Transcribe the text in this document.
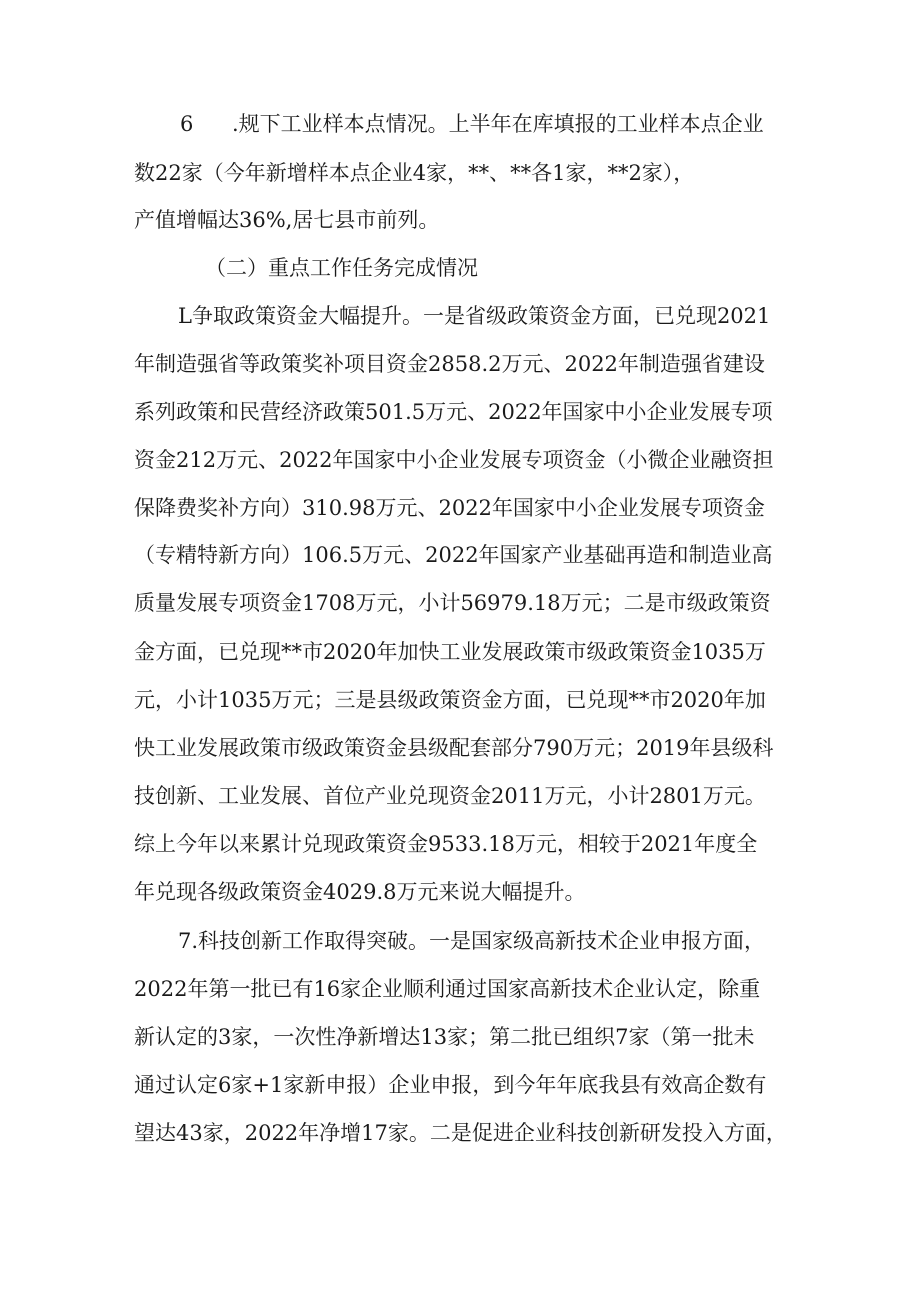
6 .规下工业样本点情况。上半年在库填报的工业样本点企业
数22家（今年新增样本点企业4家，**、**各1家，**2家），
产值增幅达36%,居七县市前列。
（二）重点工作任务完成情况
L争取政策资金大幅提升。一是省级政策资金方面，已兑现2021
年制造强省等政策奖补项目资金2858.2万元、2022年制造强省建设
系列政策和民营经济政策501.5万元、2022年国家中小企业发展专项
资金212万元、2022年国家中小企业发展专项资金（小微企业融资担
保降费奖补方向）310.98万元、2022年国家中小企业发展专项资金
（专精特新方向）106.5万元、2022年国家产业基础再造和制造业高
质量发展专项资金1708万元，小计56979.18万元；二是市级政策资
金方面，已兑现**市2020年加快工业发展政策市级政策资金1035万
元，小计1035万元；三是县级政策资金方面，已兑现**市2020年加
快工业发展政策市级政策资金县级配套部分790万元；2019年县级科
技创新、工业发展、首位产业兑现资金2011万元，小计2801万元。
综上今年以来累计兑现政策资金9533.18万元，相较于2021年度全
年兑现各级政策资金4029.8万元来说大幅提升。
7.科技创新工作取得突破。一是国家级高新技术企业申报方面，
2022年第一批已有16家企业顺利通过国家高新技术企业认定，除重
新认定的3家，一次性净新增达13家；第二批已组织7家（第一批未
通过认定6家+1家新申报）企业申报，到今年年底我县有效高企数有
望达43家，2022年净增17家。二是促进企业科技创新研发投入方面，
